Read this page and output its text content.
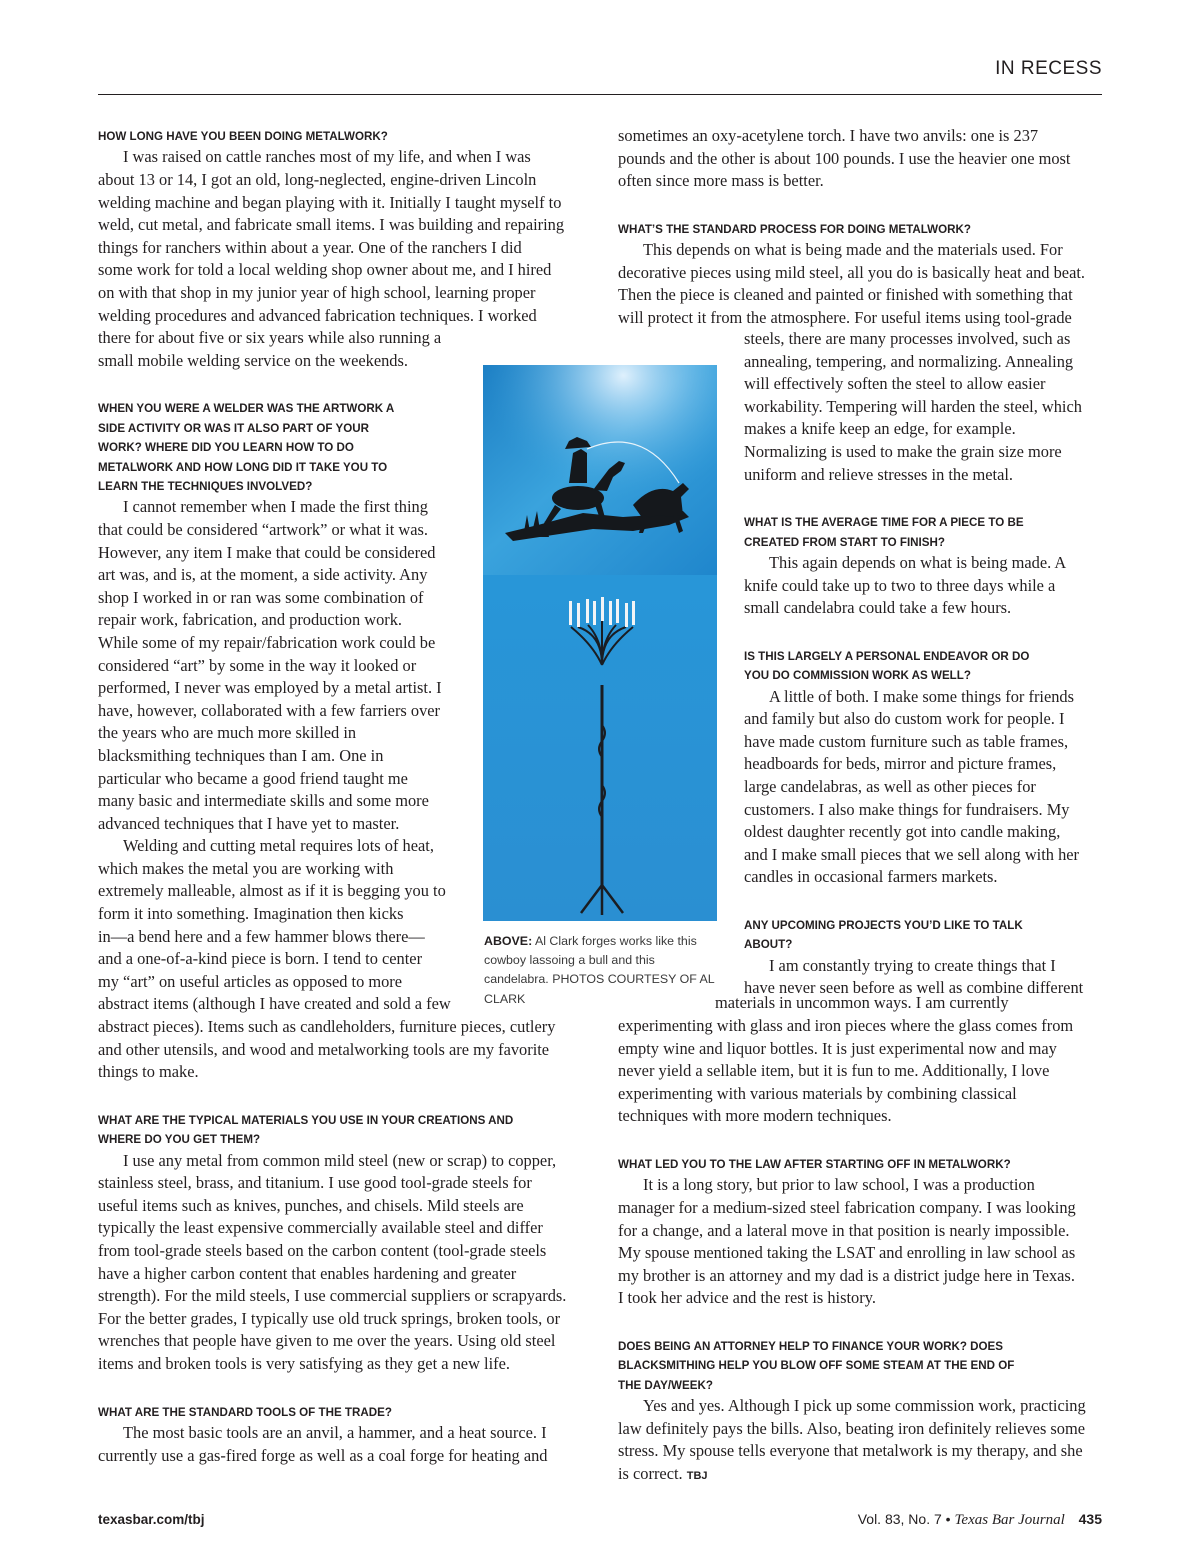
IN RECESS
HOW LONG HAVE YOU BEEN DOING METALWORK?
I was raised on cattle ranches most of my life, and when I was
about 13 or 14, I got an old, long-neglected, engine-driven Lincoln
welding machine and began playing with it. Initially I taught myself to
weld, cut metal, and fabricate small items. I was building and repairing
things for ranchers within about a year. One of the ranchers I did
some work for told a local welding shop owner about me, and I hired
on with that shop in my junior year of high school, learning proper
welding procedures and advanced fabrication techniques. I worked
there for about five or six years while also running a
small mobile welding service on the weekends.
WHEN YOU WERE A WELDER WAS THE ARTWORK A
SIDE ACTIVITY OR WAS IT ALSO PART OF YOUR
WORK? WHERE DID YOU LEARN HOW TO DO
METALWORK AND HOW LONG DID IT TAKE YOU TO
LEARN THE TECHNIQUES INVOLVED?
I cannot remember when I made the first thing
that could be considered “artwork” or what it was.
However, any item I make that could be considered
art was, and is, at the moment, a side activity. Any
shop I worked in or ran was some combination of
repair work, fabrication, and production work.
While some of my repair/fabrication work could be
considered “art” by some in the way it looked or
performed, I never was employed by a metal artist. I
have, however, collaborated with a few farriers over
the years who are much more skilled in
blacksmithing techniques than I am. One in
particular who became a good friend taught me
many basic and intermediate skills and some more
advanced techniques that I have yet to master.
Welding and cutting metal requires lots of heat,
which makes the metal you are working with
extremely malleable, almost as if it is begging you to
form it into something. Imagination then kicks
in—a bend here and a few hammer blows there—
and a one-of-a-kind piece is born. I tend to center
my “art” on useful articles as opposed to more
abstract items (although I have created and sold a few
abstract pieces). Items such as candleholders, furniture pieces, cutlery
and other utensils, and wood and metalworking tools are my favorite
things to make.
WHAT ARE THE TYPICAL MATERIALS YOU USE IN YOUR CREATIONS AND
WHERE DO YOU GET THEM?
I use any metal from common mild steel (new or scrap) to copper,
stainless steel, brass, and titanium. I use good tool-grade steels for
useful items such as knives, punches, and chisels. Mild steels are
typically the least expensive commercially available steel and differ
from tool-grade steels based on the carbon content (tool-grade steels
have a higher carbon content that enables hardening and greater
strength). For the mild steels, I use commercial suppliers or scrapyards.
For the better grades, I typically use old truck springs, broken tools, or
wrenches that people have given to me over the years. Using old steel
items and broken tools is very satisfying as they get a new life.
WHAT ARE THE STANDARD TOOLS OF THE TRADE?
The most basic tools are an anvil, a hammer, and a heat source. I
currently use a gas-fired forge as well as a coal forge for heating and
sometimes an oxy-acetylene torch. I have two anvils: one is 237
pounds and the other is about 100 pounds. I use the heavier one most
often since more mass is better.
WHAT’S THE STANDARD PROCESS FOR DOING METALWORK?
This depends on what is being made and the materials used. For
decorative pieces using mild steel, all you do is basically heat and beat.
Then the piece is cleaned and painted or finished with something that
will protect it from the atmosphere. For useful items using tool-grade
steels, there are many processes involved, such as
annealing, tempering, and normalizing. Annealing
will effectively soften the steel to allow easier
workability. Tempering will harden the steel, which
makes a knife keep an edge, for example.
Normalizing is used to make the grain size more
uniform and relieve stresses in the metal.
WHAT IS THE AVERAGE TIME FOR A PIECE TO BE
CREATED FROM START TO FINISH?
This again depends on what is being made. A
knife could take up to two to three days while a
small candelabra could take a few hours.
IS THIS LARGELY A PERSONAL ENDEAVOR OR DO
YOU DO COMMISSION WORK AS WELL?
A little of both. I make some things for friends
and family but also do custom work for people. I
have made custom furniture such as table frames,
headboards for beds, mirror and picture frames,
large candelabras, as well as other pieces for
customers. I also make things for fundraisers. My
oldest daughter recently got into candle making,
and I make small pieces that we sell along with her
candles in occasional farmers markets.
ANY UPCOMING PROJECTS YOU’D LIKE TO TALK
ABOUT?
I am constantly trying to create things that I
have never seen before as well as combine different
materials in uncommon ways. I am currently
experimenting with glass and iron pieces where the glass comes from
empty wine and liquor bottles. It is just experimental now and may
never yield a sellable item, but it is fun to me. Additionally, I love
experimenting with various materials by combining classical
techniques with more modern techniques.
WHAT LED YOU TO THE LAW AFTER STARTING OFF IN METALWORK?
It is a long story, but prior to law school, I was a production
manager for a medium-sized steel fabrication company. I was looking
for a change, and a lateral move in that position is nearly impossible.
My spouse mentioned taking the LSAT and enrolling in law school as
my brother is an attorney and my dad is a district judge here in Texas.
I took her advice and the rest is history.
DOES BEING AN ATTORNEY HELP TO FINANCE YOUR WORK? DOES
BLACKSMITHING HELP YOU BLOW OFF SOME STEAM AT THE END OF
THE DAY/WEEK?
Yes and yes. Although I pick up some commission work, practicing
law definitely pays the bills. Also, beating iron definitely relieves some
stress. My spouse tells everyone that metalwork is my therapy, and she
is correct. TBJ
ABOVE: Al Clark forges works like this cowboy lassoing a bull and this candelabra. PHOTOS COURTESY OF AL CLARK
texasbar.com/tbj	Vol. 83, No. 7 • Texas Bar Journal 435
